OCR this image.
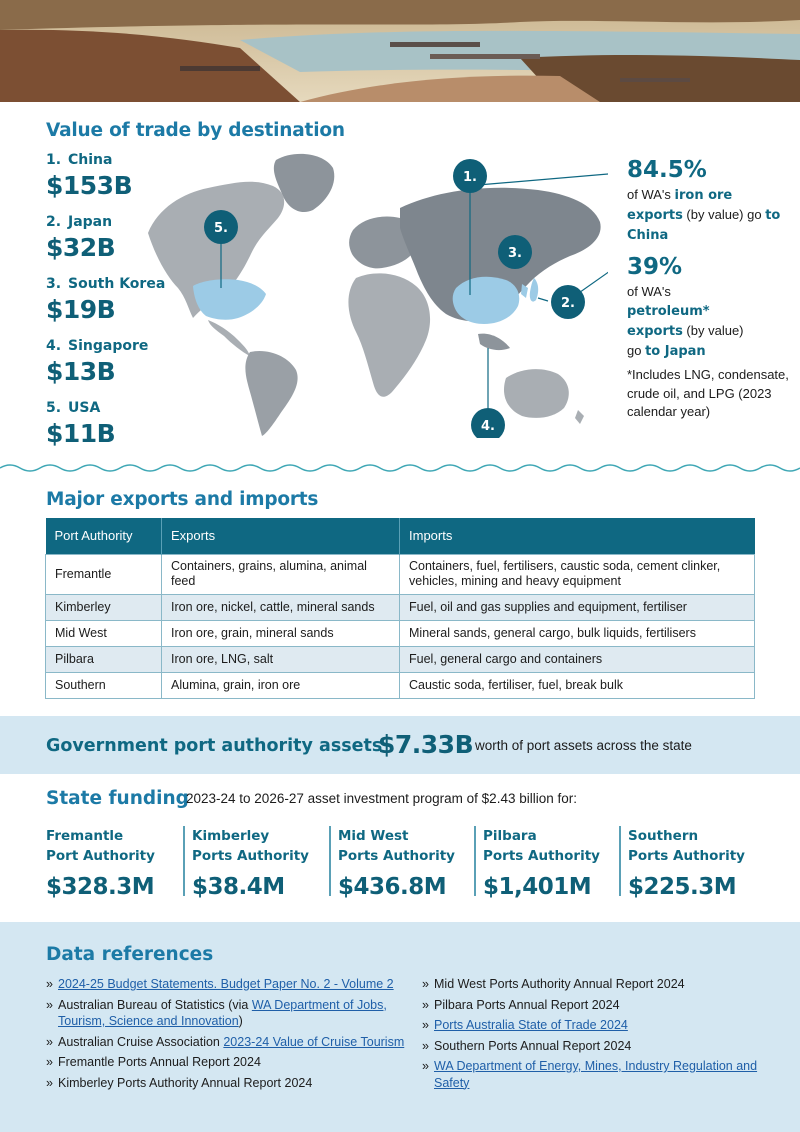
Value of trade by destination
1. China
$153B
2. Japan
$32B
3. South Korea
$19B
4. Singapore
$13B
5. USA
$11B
1.
2.
3.
4.
5.
84.5%
of WA's iron ore exports (by value) go to China
39%
of WA's petroleum* exports (by value) go to Japan
*Includes LNG, condensate, crude oil, and LPG (2023 calendar year)
Major exports and imports
Port Authority	Exports	Imports
Fremantle	Containers, grains, alumina, animal feed	Containers, fuel, fertilisers, caustic soda, cement clinker, vehicles, mining and heavy equipment
Kimberley	Iron ore, nickel, cattle, mineral sands	Fuel, oil and gas supplies and equipment, fertiliser
Mid West	Iron ore, grain, mineral sands	Mineral sands, general cargo, bulk liquids, fertilisers
Pilbara	Iron ore, LNG, salt	Fuel, general cargo and containers
Southern	Alumina, grain, iron ore	Caustic soda, fertiliser, fuel, break bulk
Government port authority assets
$7.33B worth of port assets across the state
State funding
2023-24 to 2026-27 asset investment program of $2.43 billion for:
Fremantle
Port Authority
$328.3M
Kimberley
Ports Authority
$38.4M
Mid West
Ports Authority
$436.8M
Pilbara
Ports Authority
$1,401M
Southern
Ports Authority
$225.3M
Data references
» 2024-25 Budget Statements. Budget Paper No. 2 - Volume 2
» Australian Bureau of Statistics (via WA Department of Jobs, Tourism, Science and Innovation)
» Australian Cruise Association 2023-24 Value of Cruise Tourism
» Fremantle Ports Annual Report 2024
» Kimberley Ports Authority Annual Report 2024
» Mid West Ports Authority Annual Report 2024
» Pilbara Ports Annual Report 2024
» Ports Australia State of Trade 2024
» Southern Ports Annual Report 2024
» WA Department of Energy, Mines, Industry Regulation and Safety
